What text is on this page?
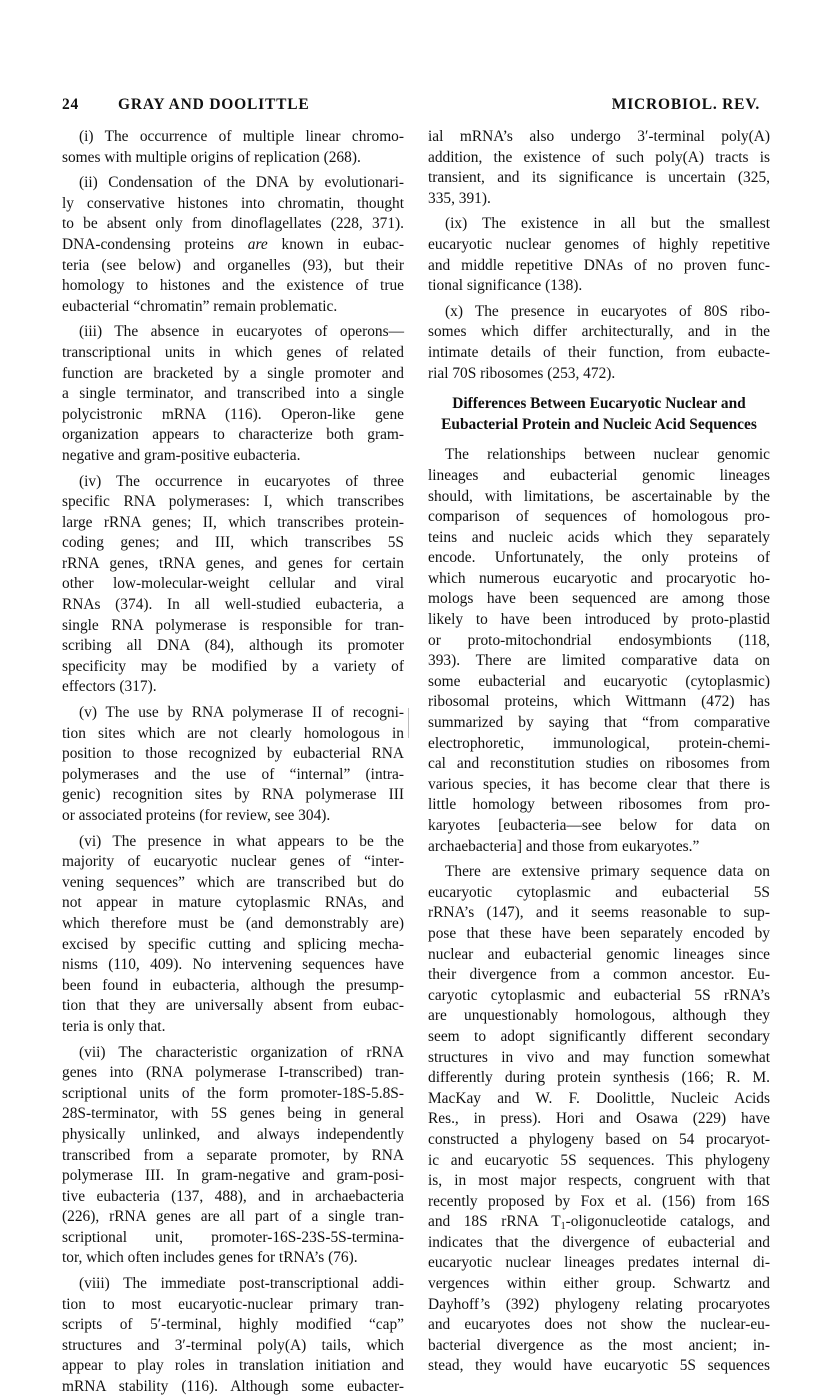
24	GRAY AND DOOLITTLE	MICROBIOL. REV.
(i) The occurrence of multiple linear chromo-
somes with multiple origins of replication (268).
(ii) Condensation of the DNA by evolutionari-
ly conservative histones into chromatin, thought
to be absent only from dinoflagellates (228, 371).
DNA-condensing proteins are known in eubac-
teria (see below) and organelles (93), but their
homology to histones and the existence of true
eubacterial “chromatin” remain problematic.
(iii) The absence in eucaryotes of operons—
transcriptional units in which genes of related
function are bracketed by a single promoter and
a single terminator, and transcribed into a single
polycistronic mRNA (116). Operon-like gene
organization appears to characterize both gram-
negative and gram-positive eubacteria.
(iv) The occurrence in eucaryotes of three
specific RNA polymerases: I, which transcribes
large rRNA genes; II, which transcribes protein-
coding genes; and III, which transcribes 5S
rRNA genes, tRNA genes, and genes for certain
other low-molecular-weight cellular and viral
RNAs (374). In all well-studied eubacteria, a
single RNA polymerase is responsible for tran-
scribing all DNA (84), although its promoter
specificity may be modified by a variety of
effectors (317).
(v) The use by RNA polymerase II of recogni-
tion sites which are not clearly homologous in
position to those recognized by eubacterial RNA
polymerases and the use of “internal” (intra-
genic) recognition sites by RNA polymerase III
or associated proteins (for review, see 304).
(vi) The presence in what appears to be the
majority of eucaryotic nuclear genes of “inter-
vening sequences” which are transcribed but do
not appear in mature cytoplasmic RNAs, and
which therefore must be (and demonstrably are)
excised by specific cutting and splicing mecha-
nisms (110, 409). No intervening sequences have
been found in eubacteria, although the presump-
tion that they are universally absent from eubac-
teria is only that.
(vii) The characteristic organization of rRNA
genes into (RNA polymerase I-transcribed) tran-
scriptional units of the form promoter-18S-5.8S-
28S-terminator, with 5S genes being in general
physically unlinked, and always independently
transcribed from a separate promoter, by RNA
polymerase III. In gram-negative and gram-posi-
tive eubacteria (137, 488), and in archaebacteria
(226), rRNA genes are all part of a single tran-
scriptional unit, promoter-16S-23S-5S-termina-
tor, which often includes genes for tRNA’s (76).
(viii) The immediate post-transcriptional addi-
tion to most eucaryotic-nuclear primary tran-
scripts of 5′-terminal, highly modified “cap”
structures and 3′-terminal poly(A) tails, which
appear to play roles in translation initiation and
mRNA stability (116). Although some eubacter-
ial mRNA’s also undergo 3′-terminal poly(A)
addition, the existence of such poly(A) tracts is
transient, and its significance is uncertain (325,
335, 391).
(ix) The existence in all but the smallest
eucaryotic nuclear genomes of highly repetitive
and middle repetitive DNAs of no proven func-
tional significance (138).
(x) The presence in eucaryotes of 80S ribo-
somes which differ architecturally, and in the
intimate details of their function, from eubacte-
rial 70S ribosomes (253, 472).
Differences Between Eucaryotic Nuclear and
Eubacterial Protein and Nucleic Acid Sequences
The relationships between nuclear genomic
lineages and eubacterial genomic lineages
should, with limitations, be ascertainable by the
comparison of sequences of homologous pro-
teins and nucleic acids which they separately
encode. Unfortunately, the only proteins of
which numerous eucaryotic and procaryotic ho-
mologs have been sequenced are among those
likely to have been introduced by proto-plastid
or proto-mitochondrial endosymbionts (118,
393). There are limited comparative data on
some eubacterial and eucaryotic (cytoplasmic)
ribosomal proteins, which Wittmann (472) has
summarized by saying that “from comparative
electrophoretic, immunological, protein-chemi-
cal and reconstitution studies on ribosomes from
various species, it has become clear that there is
little homology between ribosomes from pro-
karyotes [eubacteria—see below for data on
archaebacteria] and those from eukaryotes.”
There are extensive primary sequence data on
eucaryotic cytoplasmic and eubacterial 5S
rRNA’s (147), and it seems reasonable to sup-
pose that these have been separately encoded by
nuclear and eubacterial genomic lineages since
their divergence from a common ancestor. Eu-
caryotic cytoplasmic and eubacterial 5S rRNA’s
are unquestionably homologous, although they
seem to adopt significantly different secondary
structures in vivo and may function somewhat
differently during protein synthesis (166; R. M.
MacKay and W. F. Doolittle, Nucleic Acids
Res., in press). Hori and Osawa (229) have
constructed a phylogeny based on 54 procaryot-
ic and eucaryotic 5S sequences. This phylogeny
is, in most major respects, congruent with that
recently proposed by Fox et al. (156) from 16S
and 18S rRNA $T_1$-oligonucleotide catalogs, and
indicates that the divergence of eubacterial and
eucaryotic nuclear lineages predates internal di-
vergences within either group. Schwartz and
Dayhoff’s (392) phylogeny relating procaryotes
and eucaryotes does not show the nuclear-eu-
bacterial divergence as the most ancient; in-
stead, they would have eucaryotic 5S sequences
